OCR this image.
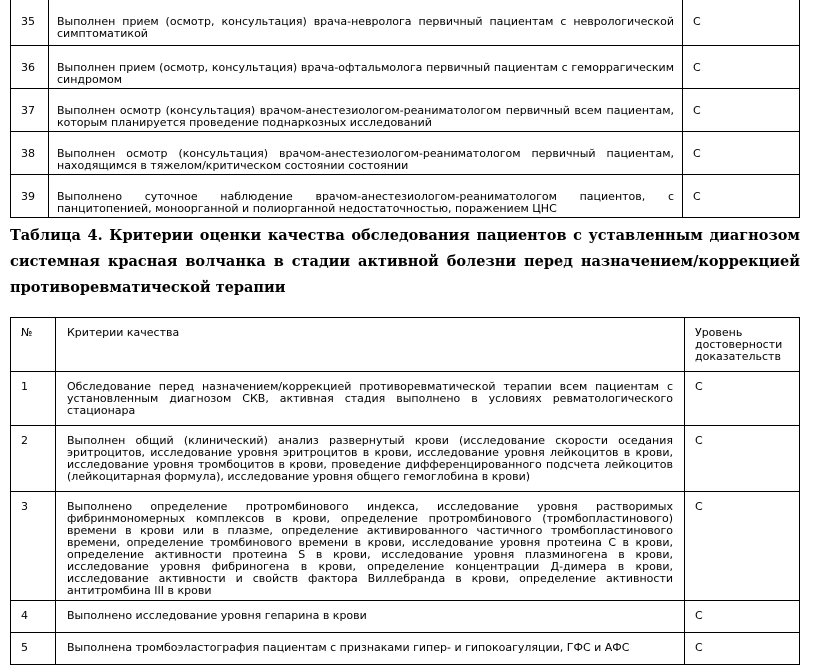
35	Выполнен прием (осмотр, консультация) врача-невролога первичный пациентам с неврологической симптоматикой	C
36	Выполнен прием (осмотр, консультация) врача-офтальмолога первичный пациентам с геморрагическим синдромом	C
37	Выполнен осмотр (консультация) врачом-анестезиологом-реаниматологом первичный всем пациентам, которым планируется проведение поднаркозных исследований	C
38	Выполнен осмотр (консультация) врачом-анестезиологом-реаниматологом первичный пациентам, находящимся в тяжелом/критическом состоянии состоянии	C
39	Выполнено суточное наблюдение врачом-анестезиологом-реаниматологом пациентов, с панцитопенией, моноорганной и полиорганной недостаточностью, поражением ЦНС	C

Таблица 4. Критерии оценки качества обследования пациентов с уставленным диагнозом системная красная волчанка в стадии активной болезни перед назначением/коррекцией противоревматической терапии

№	Критерии качества	Уровень достоверности доказательств
1	Обследование перед назначением/коррекцией противоревматической терапии всем пациентам с установленным диагнозом СКВ, активная стадия выполнено в условиях ревматологического стационара	C
2	Выполнен общий (клинический) анализ развернутый крови (исследование скорости оседания эритроцитов, исследование уровня эритроцитов в крови, исследование уровня лейкоцитов в крови, исследование уровня тромбоцитов в крови, проведение дифференцированного подсчета лейкоцитов (лейкоцитарная формула), исследование уровня общего гемоглобина в крови)	C
3	Выполнено определение протромбинового индекса, исследование уровня растворимых фибринмономерных комплексов в крови, определение протромбинового (тромбопластинового) времени в крови или в плазме, определение активированного частичного тромбопластинового времени, определение тромбинового времени в крови, исследование уровня протеина C в крови, определение активности протеина S в крови, исследование уровня плазминогена в крови, исследование уровня фибриногена в крови, определение концентрации Д-димера в крови, исследование активности и свойств фактора Виллебранда в крови, определение активности антитромбина III в крови	C
4	Выполнено исследование уровня гепарина в крови	C
5	Выполнена тромбоэластография пациентам с признаками гипер- и гипокоагуляции, ГФС и АФС	C
